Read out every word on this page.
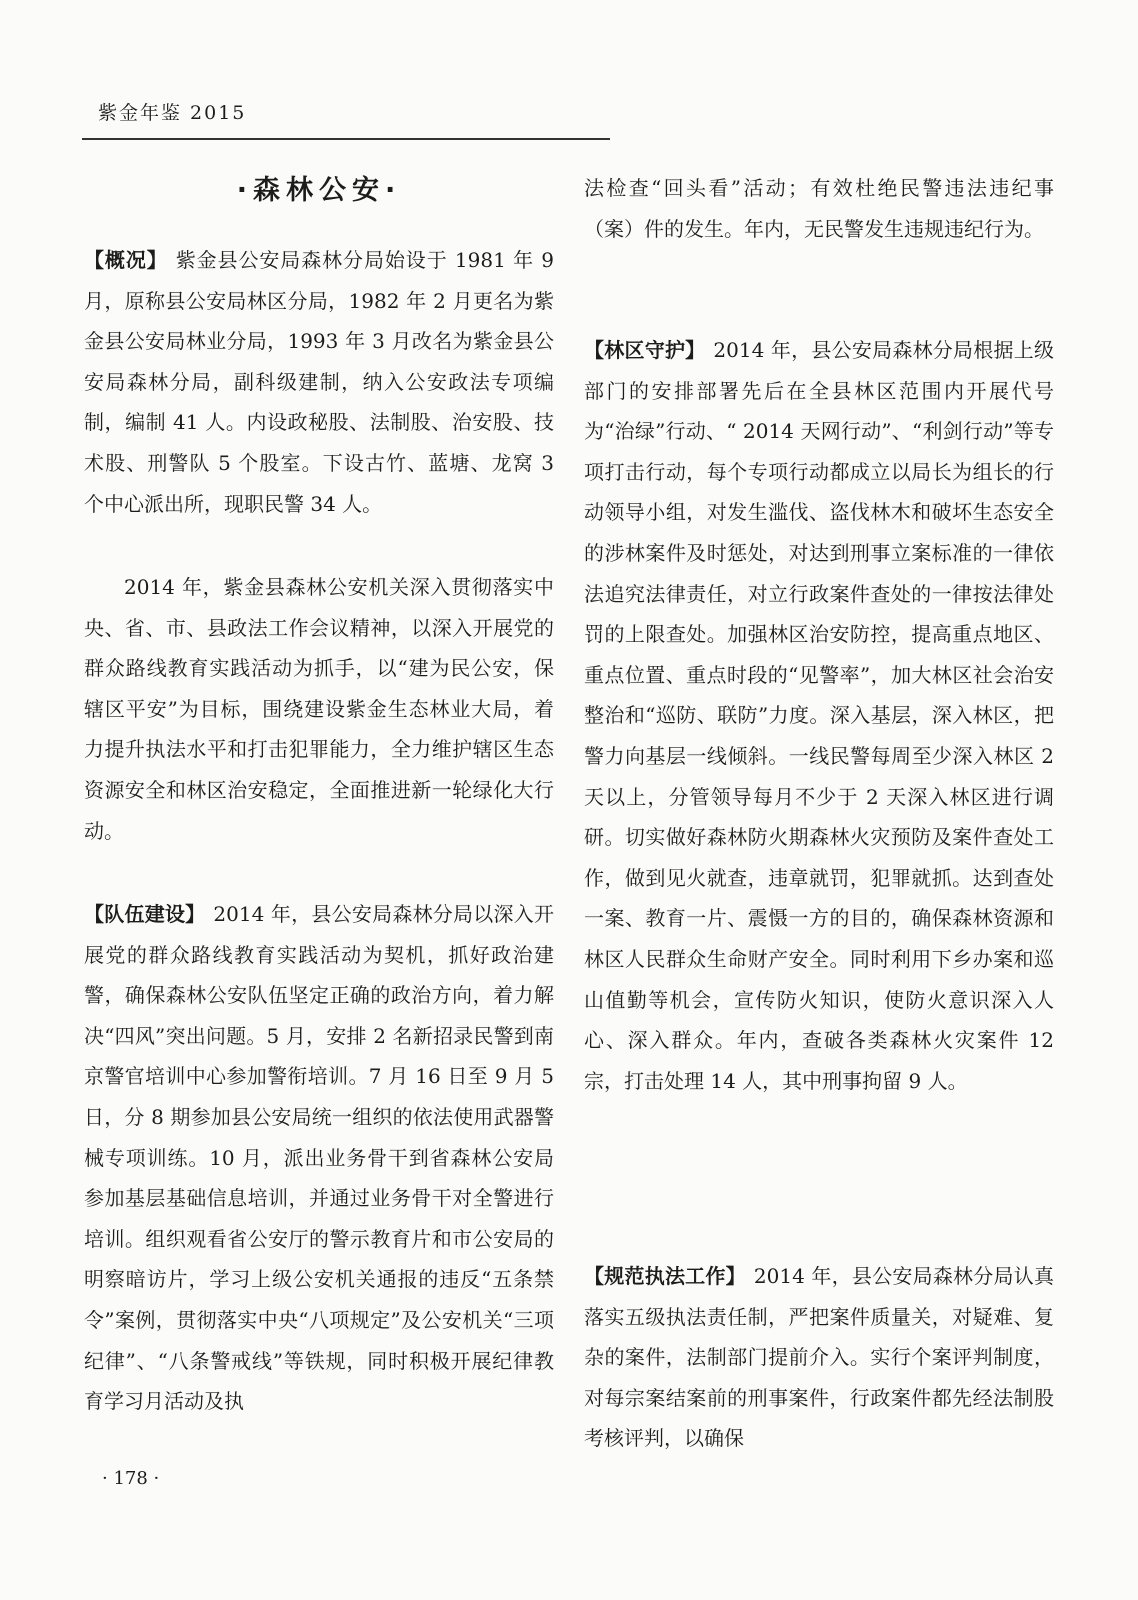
紫金年鉴 2015
·森林公安·

【概况】 紫金县公安局森林分局始设于 1981 年 9 月，原称县公安局林区分局，1982 年 2 月更名为紫金县公安局林业分局，1993 年 3 月改名为紫金县公安局森林分局，副科级建制，纳入公安政法专项编制，编制 41 人。内设政秘股、法制股、治安股、技术股、刑警队 5 个股室。下设古竹、蓝塘、龙窝 3 个中心派出所，现职民警 34 人。

2014 年，紫金县森林公安机关深入贯彻落实中央、省、市、县政法工作会议精神，以深入开展党的群众路线教育实践活动为抓手，以“建为民公安，保辖区平安”为目标，围绕建设紫金生态林业大局，着力提升执法水平和打击犯罪能力，全力维护辖区生态资源安全和林区治安稳定，全面推进新一轮绿化大行动。

【队伍建设】 2014 年，县公安局森林分局以深入开展党的群众路线教育实践活动为契机，抓好政治建警，确保森林公安队伍坚定正确的政治方向，着力解决“四风”突出问题。5 月，安排 2 名新招录民警到南京警官培训中心参加警衔培训。7 月 16 日至 9 月 5 日，分 8 期参加县公安局统一组织的依法使用武器警械专项训练。10 月，派出业务骨干到省森林公安局参加基层基础信息培训，并通过业务骨干对全警进行培训。组织观看省公安厅的警示教育片和市公安局的明察暗访片，学习上级公安机关通报的违反“五条禁令”案例，贯彻落实中央“八项规定”及公安机关“三项纪律”、“八条警戒线”等铁规，同时积极开展纪律教育学习月活动及执

法检查“回头看”活动；有效杜绝民警违法违纪事（案）件的发生。年内，无民警发生违规违纪行为。

【林区守护】 2014 年，县公安局森林分局根据上级部门的安排部署先后在全县林区范围内开展代号为“治绿”行动、“ 2014 天网行动”、“利剑行动”等专项打击行动，每个专项行动都成立以局长为组长的行动领导小组，对发生滥伐、盗伐林木和破坏生态安全的涉林案件及时惩处，对达到刑事立案标准的一律依法追究法律责任，对立行政案件查处的一律按法律处罚的上限查处。加强林区治安防控，提高重点地区、重点位置、重点时段的“见警率”，加大林区社会治安整治和“巡防、联防”力度。深入基层，深入林区，把警力向基层一线倾斜。一线民警每周至少深入林区 2 天以上，分管领导每月不少于 2 天深入林区进行调研。切实做好森林防火期森林火灾预防及案件查处工作，做到见火就查，违章就罚，犯罪就抓。达到查处一案、教育一片、震慑一方的目的，确保森林资源和林区人民群众生命财产安全。同时利用下乡办案和巡山值勤等机会，宣传防火知识，使防火意识深入人心、深入群众。年内，查破各类森林火灾案件 12 宗，打击处理 14 人，其中刑事拘留 9 人。

【规范执法工作】 2014 年，县公安局森林分局认真落实五级执法责任制，严把案件质量关，对疑难、复杂的案件，法制部门提前介入。实行个案评判制度，对每宗案结案前的刑事案件，行政案件都先经法制股考核评判，以确保

· 178 ·
